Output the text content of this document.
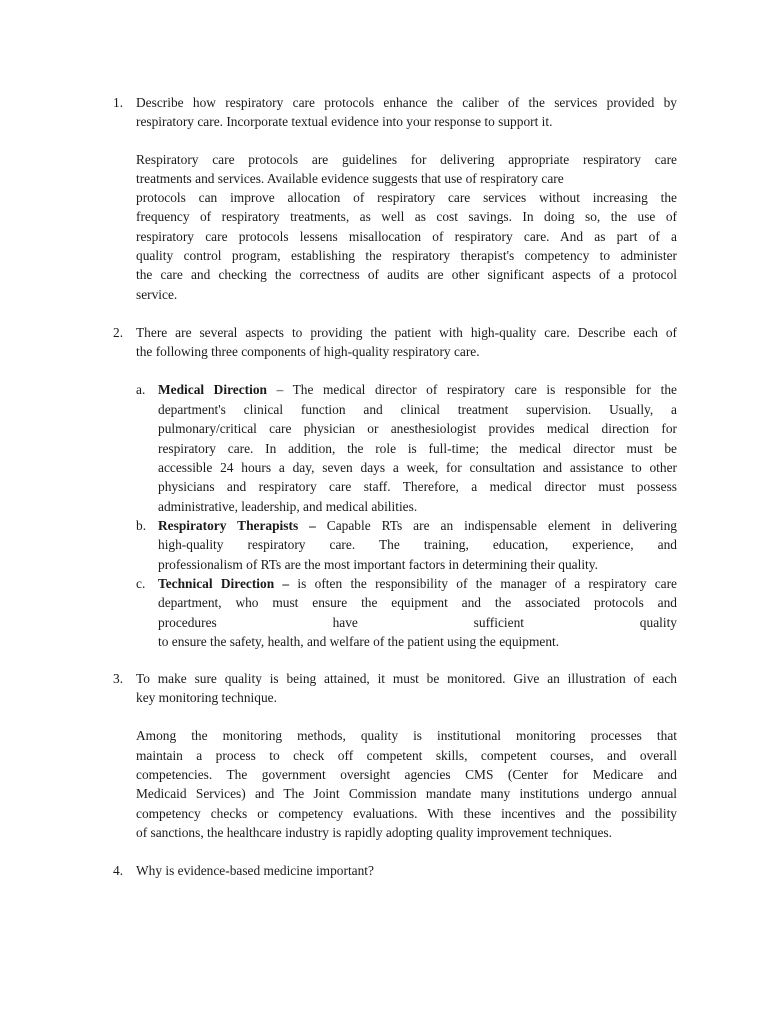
1. Describe how respiratory care protocols enhance the caliber of the services provided by
respiratory care. Incorporate textual evidence into your response to support it.
Respiratory care protocols are guidelines for delivering appropriate respiratory care
treatments and services. Available evidence suggests that use of respiratory care
protocols can improve allocation of respiratory care services without increasing the
frequency of respiratory treatments, as well as cost savings. In doing so, the use of
respiratory care protocols lessens misallocation of respiratory care. And as part of a
quality control program, establishing the respiratory therapist's competency to administer
the care and checking the correctness of audits are other significant aspects of a protocol
service.
2. There are several aspects to providing the patient with high-quality care. Describe each of
the following three components of high-quality respiratory care.
a. Medical Direction – The medical director of respiratory care is responsible for the
department's clinical function and clinical treatment supervision. Usually, a
pulmonary/critical care physician or anesthesiologist provides medical direction for
respiratory care. In addition, the role is full-time; the medical director must be
accessible 24 hours a day, seven days a week, for consultation and assistance to other
physicians and respiratory care staff. Therefore, a medical director must possess
administrative, leadership, and medical abilities.
b. Respiratory Therapists – Capable RTs are an indispensable element in delivering
high-quality respiratory care. The training, education, experience, and
professionalism of RTs are the most important factors in determining their quality.
c. Technical Direction – is often the responsibility of the manager of a respiratory care
department, who must ensure the equipment and the associated protocols and
procedures have sufficient quality
to ensure the safety, health, and welfare of the patient using the equipment.
3. To make sure quality is being attained, it must be monitored. Give an illustration of each
key monitoring technique.
Among the monitoring methods, quality is institutional monitoring processes that
maintain a process to check off competent skills, competent courses, and overall
competencies. The government oversight agencies CMS (Center for Medicare and
Medicaid Services) and The Joint Commission mandate many institutions undergo annual
competency checks or competency evaluations. With these incentives and the possibility
of sanctions, the healthcare industry is rapidly adopting quality improvement techniques.
4. Why is evidence-based medicine important?
